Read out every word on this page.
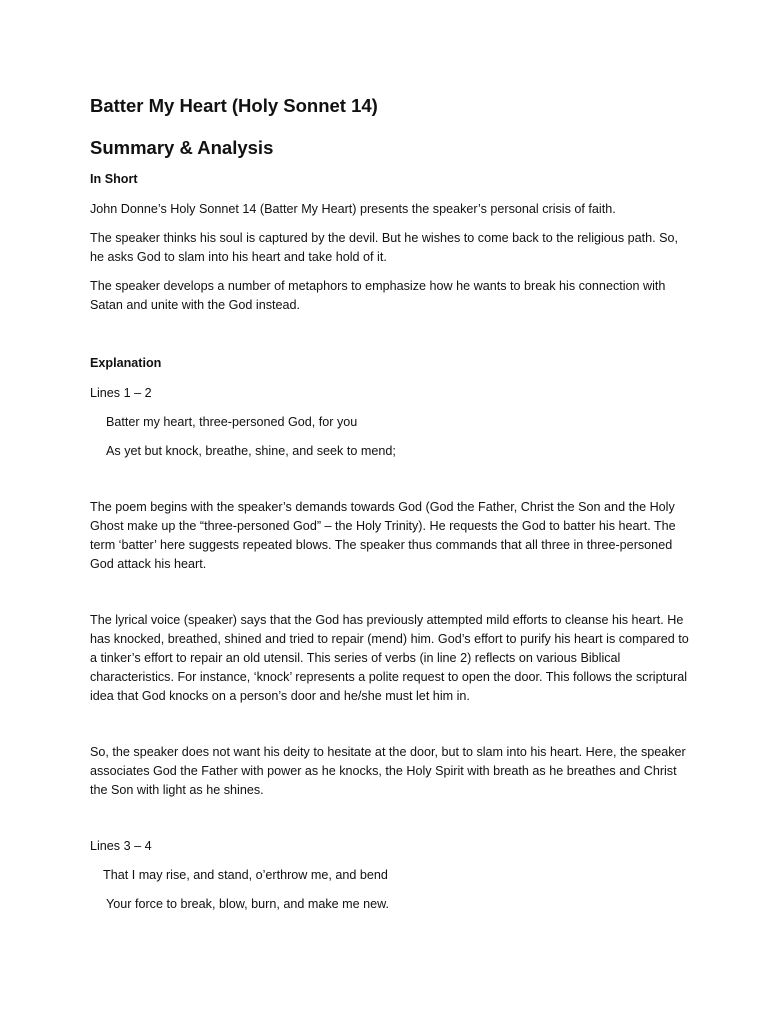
Batter My Heart (Holy Sonnet 14)
Summary & Analysis
In Short

John Donne’s Holy Sonnet 14 (Batter My Heart) presents the speaker’s personal crisis of faith.

The speaker thinks his soul is captured by the devil. But he wishes to come back to the religious path. So, he asks God to slam into his heart and take hold of it.

The speaker develops a number of metaphors to emphasize how he wants to break his connection with Satan and unite with the God instead.

Explanation

Lines 1 – 2

Batter my heart, three-personed God, for you
As yet but knock, breathe, shine, and seek to mend;

The poem begins with the speaker’s demands towards God (God the Father, Christ the Son and the Holy Ghost make up the “three-personed God” – the Holy Trinity). He requests the God to batter his heart. The term ‘batter’ here suggests repeated blows. The speaker thus commands that all three in three-personed God attack his heart.

The lyrical voice (speaker) says that the God has previously attempted mild efforts to cleanse his heart. He has knocked, breathed, shined and tried to repair (mend) him. God’s effort to purify his heart is compared to a tinker’s effort to repair an old utensil. This series of verbs (in line 2) reflects on various Biblical characteristics. For instance, ‘knock’ represents a polite request to open the door. This follows the scriptural idea that God knocks on a person’s door and he/she must let him in.

So, the speaker does not want his deity to hesitate at the door, but to slam into his heart. Here, the speaker associates God the Father with power as he knocks, the Holy Spirit with breath as he breathes and Christ the Son with light as he shines.

Lines 3 – 4

That I may rise, and stand, o’erthrow me, and bend
Your force to break, blow, burn, and make me new.
